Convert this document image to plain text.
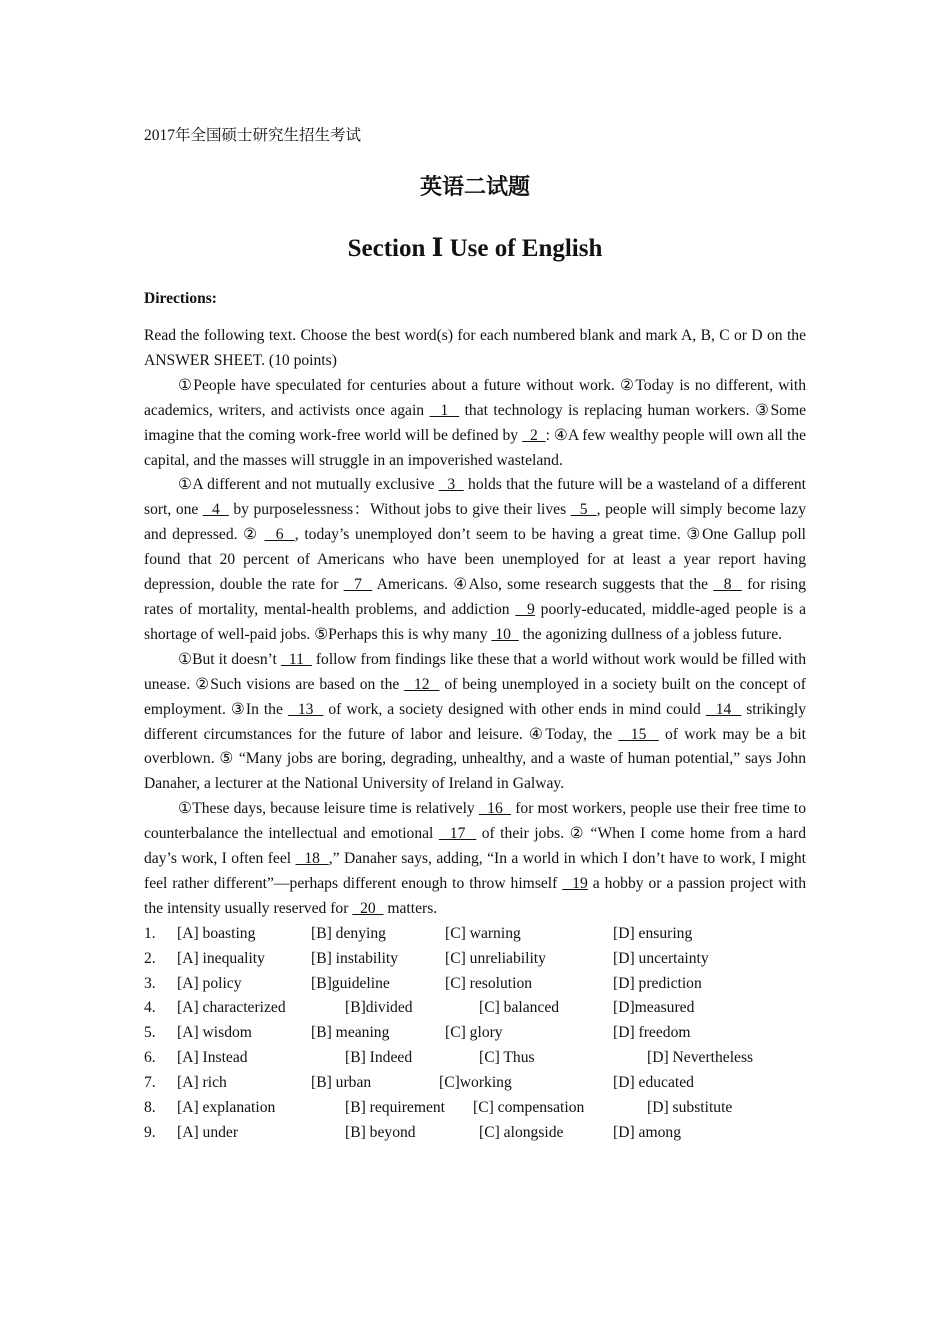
2017年全国硕士研究生招生考试
英语二试题
Section Ⅰ Use of English
Directions:

Read the following text. Choose the best word(s) for each numbered blank and mark A, B, C or D on the ANSWER SHEET. (10 points)

①People have speculated for centuries about a future without work. ②Today is no different, with academics, writers, and activists once again   1   that technology is replacing human workers. ③Some imagine that the coming work-free world will be defined by   2  : ④A few wealthy people will own all the capital, and the masses will struggle in an impoverished wasteland.

①A different and not mutually exclusive   3   holds that the future will be a wasteland of a different sort, one   4   by purposelessness：Without jobs to give their lives   5  , people will simply become lazy and depressed. ②   6  , today’s unemployed don’t seem to be having a great time. ③One Gallup poll found that 20 percent of Americans who have been unemployed for at least a year report having depression, double the rate for   7   Americans. ④Also, some research suggests that the   8   for rising rates of mortality, mental-health problems, and addiction   9 poorly-educated, middle-aged people is a shortage of well-paid jobs. ⑤Perhaps this is why many  10   the agonizing dullness of a jobless future.

①But it doesn’t   11   follow from findings like these that a world without work would be filled with unease. ②Such visions are based on the   12   of being unemployed in a society built on the concept of employment. ③In the   13   of work, a society designed with other ends in mind could   14   strikingly different circumstances for the future of labor and leisure. ④Today, the   15   of work may be a bit overblown. ⑤ “Many jobs are boring, degrading, unhealthy, and a waste of human potential,” says John Danaher, a lecturer at the National University of Ireland in Galway.

①These days, because leisure time is relatively   16   for most workers, people use their free time to counterbalance the intellectual and emotional   17   of their jobs. ② “When I come home from a hard day’s work, I often feel   18  ,” Danaher says, adding, “In a world in which I don’t have to work, I might feel rather different”—perhaps different enough to throw himself   19 a hobby or a passion project with the intensity usually reserved for   20   matters.

1.	[A] boasting	[B] denying	[C] warning	[D] ensuring
2.	[A] inequality	[B] instability	[C] unreliability	[D] uncertainty
3.	[A] policy	[B]guideline	[C] resolution	[D] prediction
4.	[A] characterized	[B]divided	[C] balanced	[D]measured
5.	[A] wisdom	[B] meaning	[C] glory	[D] freedom
6.	[A] Instead	[B] Indeed	[C] Thus	[D] Nevertheless
7.	[A] rich	[B] urban	[C]working	[D] educated
8.	[A] explanation	[B] requirement [C] compensation	[D] substitute
9.	[A] under	[B] beyond	[C] alongside	[D] among
